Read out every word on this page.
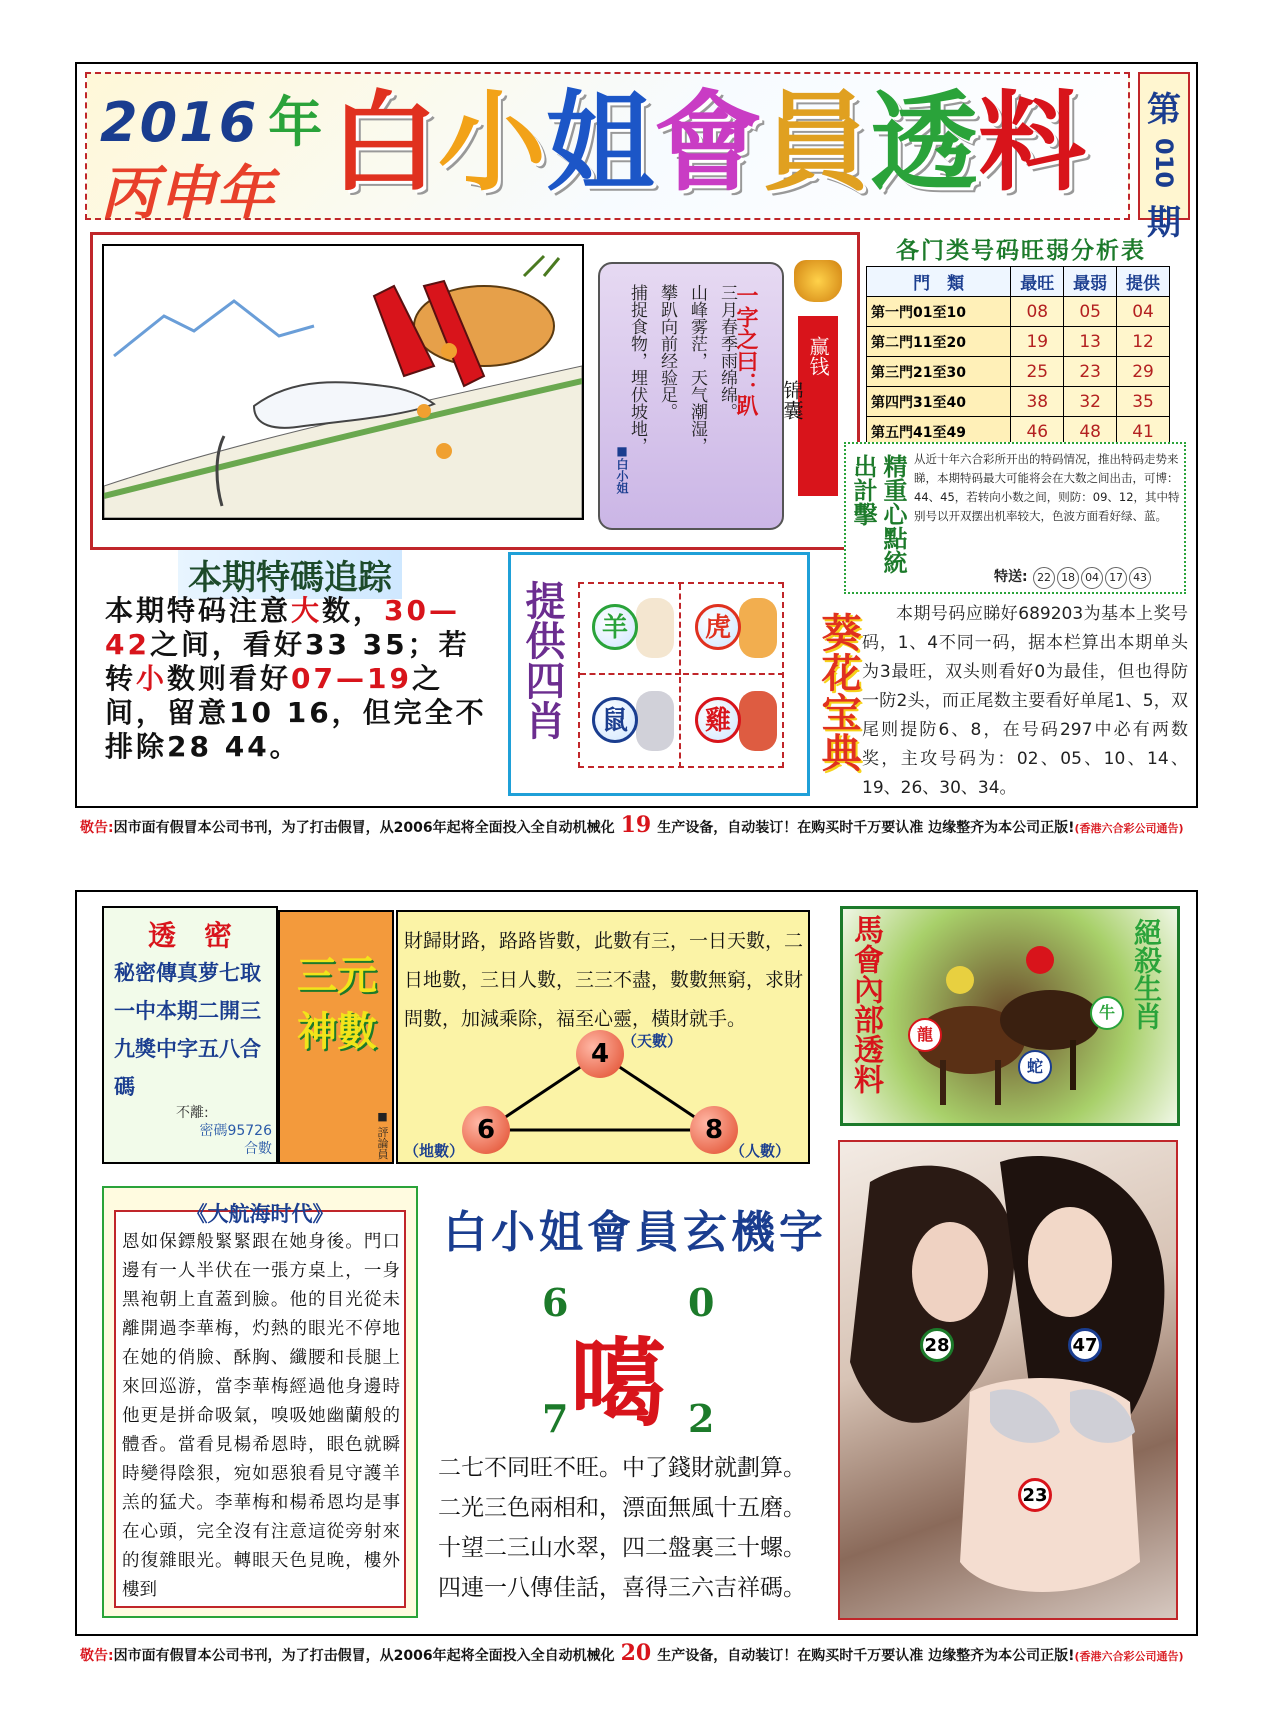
2016 年
丙申年 白小姐會員透料 第
010
期
一字之曰：趴
三月春季雨绵绵。
山峰雾茫，天气潮湿，
攀趴向前经验足。
捕捉食物，埋伏坡地，
■白小姐
锦囊
赢钱
各门类号码旺弱分析表
門　類	最旺	最弱	提供
第一門01至10	08	05	04
第二門11至20	19	13	12
第三門21至30	25	23	29
第四門31至40	38	32	35
第五門41至49	46	48	41
精重心點統出計擊	从近十年六合彩所开出的特码情况，推出特码走势来睇，本期特码最大可能将会在大数之间出击，可博：44、45，若转向小数之间，则防：09、12，其中特别号以开双摆出机率较大，色波方面看好绿、蓝。
特送: 22 18 04 17 43
本期特碼追踪
本期特码注意大数，30—42之间，看好33 35；若转小数则看好07—19之间，留意10 16，但完全不排除28 44。
提供四肖	羊	虎
鼠	雞 葵花宝典	本期号码应睇好689203为基本上奖号码，1、4不同一码，据本栏算出本期单头为3最旺，双头则看好0为最佳，但也得防一防2头，而正尾数主要看好单尾1、5，双尾则提防6、8，在号码297中必有两数奖，主攻号码为：02、05、10、14、19、26、30、34。
敬告:因市面有假冒本公司书刊，为了打击假冒，从2006年起将全面投入全自动机械化 19 生产设备，自动装订！在购买时千万要认准 边缘整齐为本公司正版!(香港六合彩公司通告)
透　密
秘密傳真萝七取一中本期二開三九獎中字五八合碼
不離:
密碼95726
合數
三元神數
■ 評論員
財歸財路，路路皆數，此數有三，一日天數，二日地數，三日人數，三三不盡，數數無窮，求財問數，加減乘除，福至心靈，橫財就手。
4 （天數）
6
（地數）
8
（人數）
馬會內部透料	絕殺生肖
牛
龍
蛇
《大航海时代》
恩如保鏢般緊緊跟在她身後。門口邊有一人半伏在一張方桌上，一身黑袍朝上直蓋到臉。他的目光從未離開過李華梅，灼熱的眼光不停地在她的俏臉、酥胸、纖腰和長腿上來回巡游，當李華梅經過他身邊時他更是拼命吸氣，嗅吸她幽蘭般的體香。當看見楊希恩時，眼色就瞬時變得陰狠，宛如惡狼看見守護羊羔的猛犬。李華梅和楊希恩均是事在心頭，完全沒有注意這從旁射來的復雜眼光。轉眼天色見晚，樓外樓到
白小姐會員玄機字
噶
6	0
7	2
二七不同旺不旺。中了錢財就劃算。
二光三色兩相和，漂面無風十五磨。
十望二三山水翠，四二盤裏三十螺。
四連一八傳佳話，喜得三六吉祥碼。
28	47
23
敬告:因市面有假冒本公司书刊，为了打击假冒，从2006年起将全面投入全自动机械化 20 生产设备，自动装订！在购买时千万要认准 边缘整齐为本公司正版!(香港六合彩公司通告)
